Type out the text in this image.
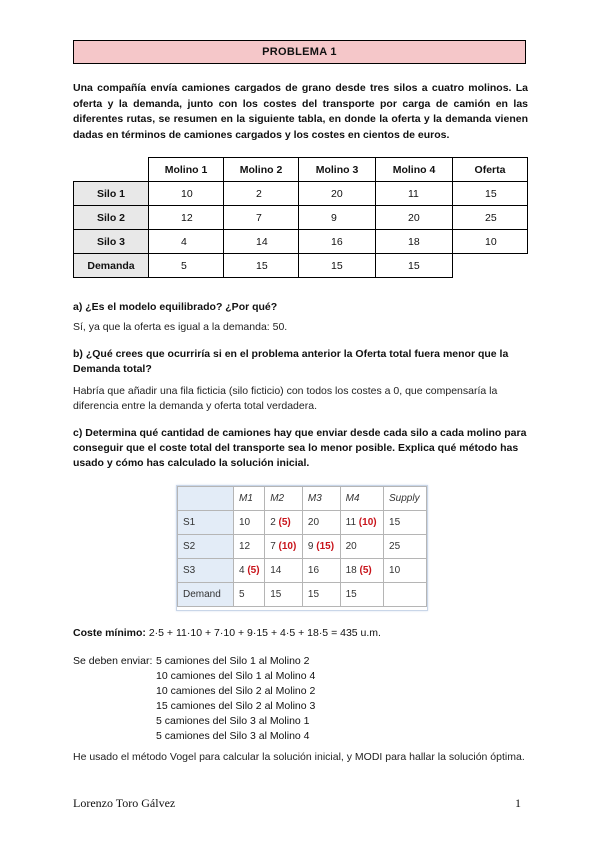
PROBLEMA 1
Una compañía envía camiones cargados de grano desde tres silos a cuatro molinos. La oferta y la demanda, junto con los costes del transporte por carga de camión en las diferentes rutas, se resumen en la siguiente tabla, en donde la oferta y la demanda vienen dadas en términos de camiones cargados y los costes en cientos de euros.
	Molino 1	Molino 2	Molino 3	Molino 4	Oferta
Silo 1	10	2	20	11	15
Silo 2	12	7	9	20	25
Silo 3	4	14	16	18	10
Demanda	5	15	15	15	
a) ¿Es el modelo equilibrado? ¿Por qué?
Sí, ya que la oferta es igual a la demanda: 50.
b) ¿Qué crees que ocurriría si en el problema anterior la Oferta total fuera menor que la Demanda total?
Habría que añadir una fila ficticia (silo ficticio) con todos los costes a 0, que compensaría la diferencia entre la demanda y oferta total verdadera.
c) Determina qué cantidad de camiones hay que enviar desde cada silo a cada molino para conseguir que el coste total del transporte sea lo menor posible. Explica qué método has usado y cómo has calculado la solución inicial.
	M1	M2	M3	M4	Supply
S1	10	2 (5)	20	11 (10)	15
S2	12	7 (10)	9 (15)	20	25
S3	4 (5)	14	16	18 (5)	10
Demand	5	15	15	15	
Coste mínimo: 2·5 + 11·10 + 7·10 + 9·15 + 4·5 + 18·5 = 435 u.m.
Se deben enviar: 5 camiones del Silo 1 al Molino 2
10 camiones del Silo 1 al Molino 4
10 camiones del Silo 2 al Molino 2
15 camiones del Silo 2 al Molino 3
5 camiones del Silo 3 al Molino 1
5 camiones del Silo 3 al Molino 4
He usado el método Vogel para calcular la solución inicial, y MODI para hallar la solución óptima.
Lorenzo Toro Gálvez	1
